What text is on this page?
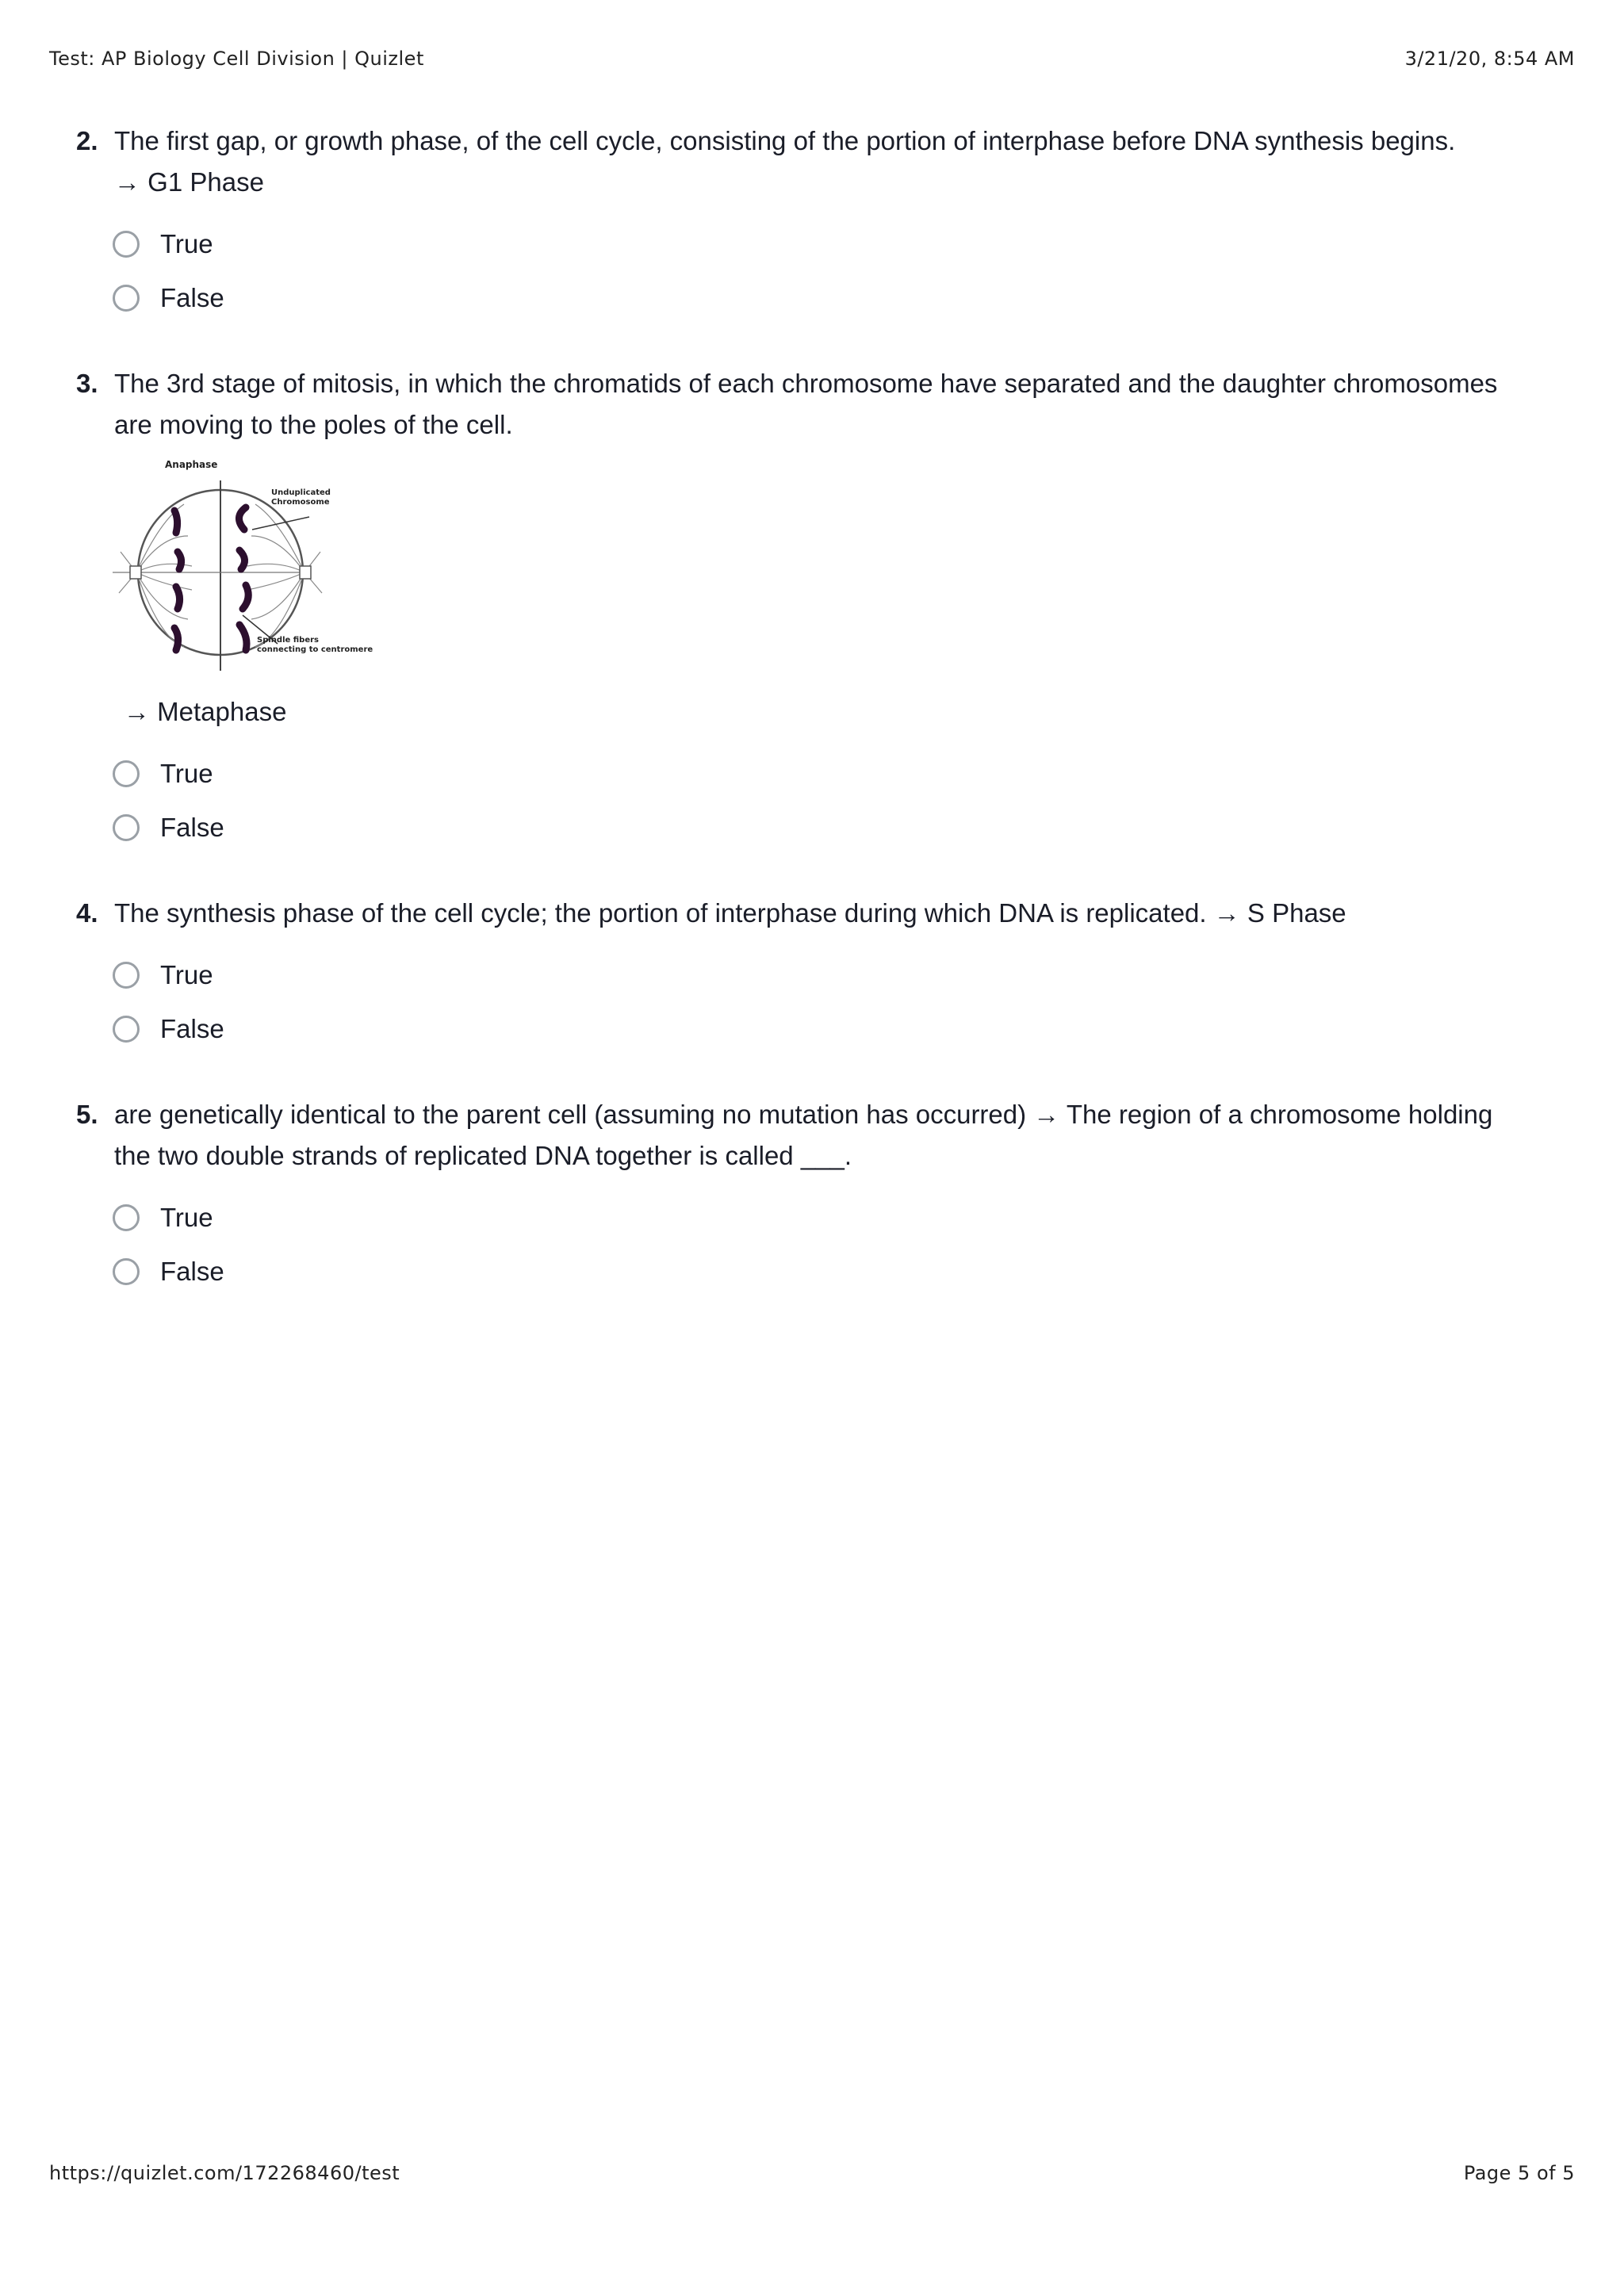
Test: AP Biology Cell Division | Quizlet	3/21/20, 8:54 AM
2. The first gap, or growth phase, of the cell cycle, consisting of the portion of interphase before DNA synthesis begins. → G1 Phase
True
False
3. The 3rd stage of mitosis, in which the chromatids of each chromosome have separated and the daughter chromosomes are moving to the poles of the cell.
Anaphase
Unduplicated
Chromosome
Spindle fibers
connecting to centromere
→ Metaphase
True
False
4. The synthesis phase of the cell cycle; the portion of interphase during which DNA is replicated. → S Phase
True
False
5. are genetically identical to the parent cell (assuming no mutation has occurred) → The region of a chromosome holding the two double strands of replicated DNA together is called ___.
True
False
https://quizlet.com/172268460/test	Page 5 of 5
